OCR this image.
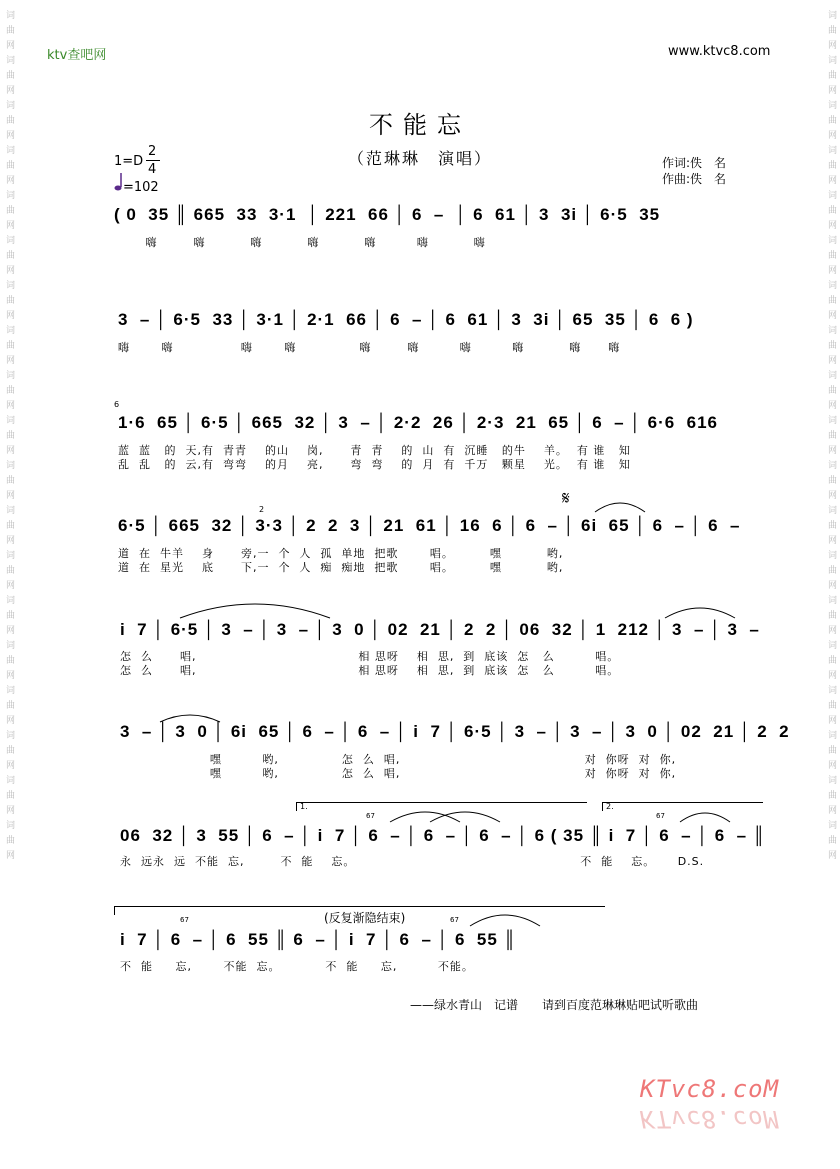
词曲网词曲网词曲网词曲网词曲网词曲网词曲网词曲网词曲网词曲网词曲网词曲网词曲网词曲网词曲网词曲网词曲网词曲网词曲网	词曲网词曲网词曲网词曲网词曲网词曲网词曲网词曲网词曲网词曲网词曲网词曲网词曲网词曲网词曲网词曲网词曲网词曲网词曲网
ktv查吧网	www.ktvc8.com
不能忘
（范琳琳　演唱）
1=D
2
4
=102
作词:佚　名
作曲:佚　名
( 0  35 ║ 665  33  3·1  │ 221  66 │ 6  –  │ 6  61 │ 3  3i │ 6·5  35
嗨        嗨          嗨          嗨          嗨         嗨          嗨
3  – │ 6·5  33 │ 3·1 │ 2·1  66 │ 6  – │ 6  61 │ 3  3i │ 65  35 │ 6  6 )
嗨       嗨               嗨       嗨              嗨        嗨         嗨         嗨          嗨      嗨
6
1·6  65 │ 6·5 │ 665  32 │ 3  – │ 2·2  26 │ 2·3  21  65 │ 6  – │ 6·6  616
蓝  蓝   的  天,有  青青    的山    岗,      青  青    的  山  有  沉睡   的牛    羊。  有 谁   知
乱  乱   的  云,有  弯弯    的月    亮,      弯  弯    的  月  有  千万   颗星    光。  有 谁   知
2
𝄋
6·5 │ 665  32 │ 3·3 │ 2  2  3 │ 21  61 │ 16  6 │ 6  – │ 6i  65 │ 6  – │ 6  –
道  在  牛羊    身      旁,一  个  人  孤  单地  把歌       唱。        嘿          哟,
道  在  星光    底      下,一  个  人  痴  痴地  把歌       唱。        嘿          哟,
i  7 │ 6·5 │ 3  – │ 3  – │ 3  0 │ 02  21 │ 2  2 │ 06  32 │ 1  212 │ 3  – │ 3  –
怎  么      唱,                                    相 思呀    相  思,  到  底该  怎   么         唱。
怎  么      唱,                                    相 思呀    相  思,  到  底该  怎   么         唱。
3  – │ 3  0 │ 6i  65 │ 6  – │ 6  – │ i  7 │ 6·5 │ 3  – │ 3  – │ 3  0 │ 02  21 │ 2  2
嘿         哟,              怎  么  唱,                                         对  你呀  对  你,
嘿         哟,              怎  么  唱,                                         对  你呀  对  你,
1.	2.
67	67
06  32 │ 3  55 │ 6  – │ i  7 │ 6  – │ 6  – │ 6  – │ 6 ( 35 ║ i  7 │ 6  – │ 6  – ║
永  远永  远  不能  忘,        不  能    忘。                                                  不  能    忘。     D.S.
(反复渐隐结束)
67	67
i  7 │ 6  – │ 6  55 ║ 6  – │ i  7 │ 6  – │ 6  55 ║
不  能     忘,       不能  忘。          不  能     忘,         不能。
——绿水青山　记谱　　请到百度范琳琳贴吧试听歌曲
KTvc8.coM
KTvc8.coM
